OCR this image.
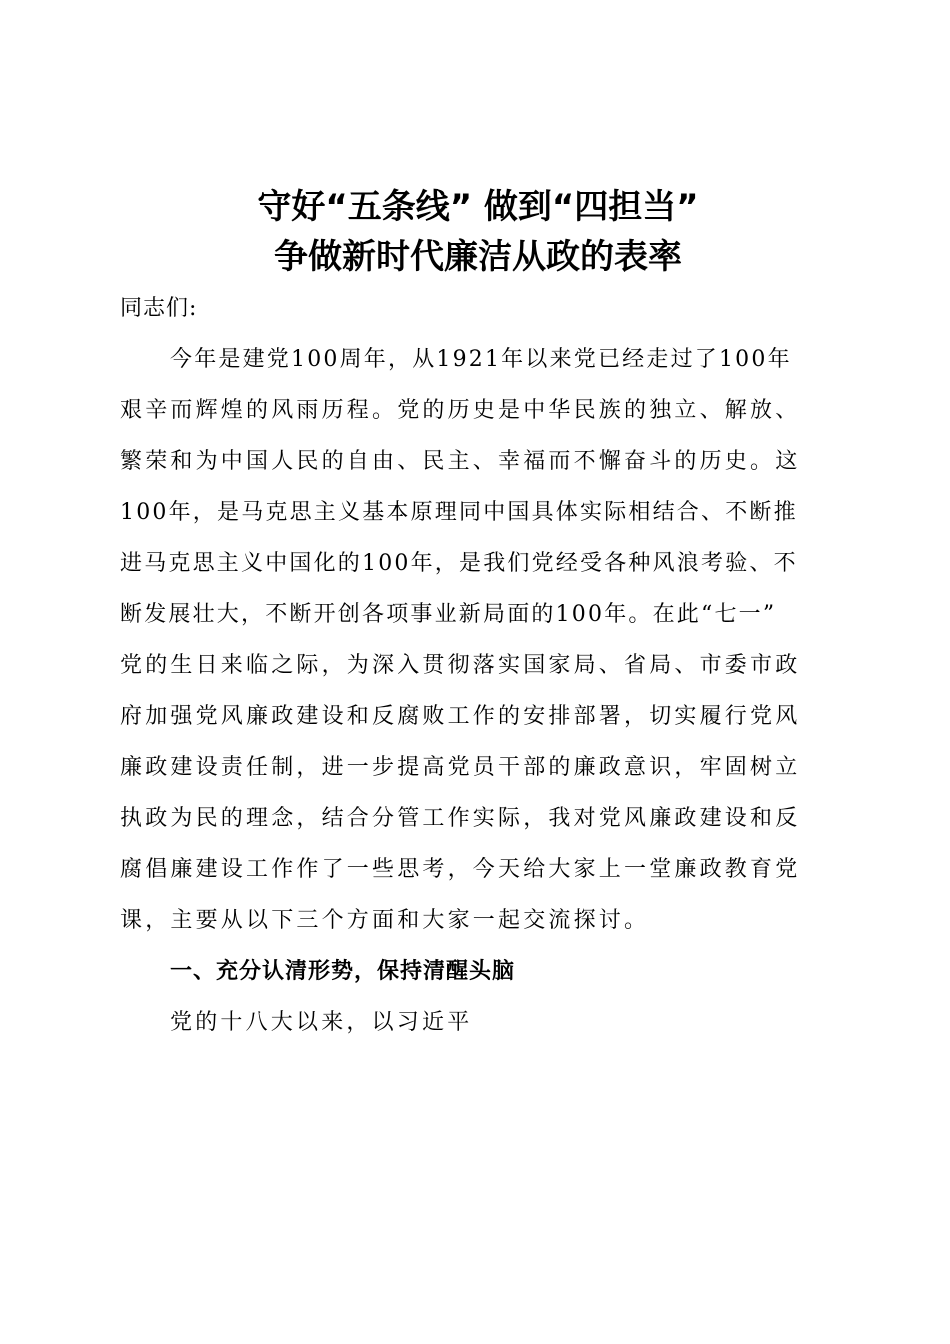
守好“五条线” 做到“四担当”
争做新时代廉洁从政的表率
同志们:
今年是建党100周年，从1921年以来党已经走过了100年
艰辛而辉煌的风雨历程。党的历史是中华民族的独立、解放、
繁荣和为中国人民的自由、民主、幸福而不懈奋斗的历史。这
100年，是马克思主义基本原理同中国具体实际相结合、不断推
进马克思主义中国化的100年，是我们党经受各种风浪考验、不
断发展壮大，不断开创各项事业新局面的100年。在此“七一”
党的生日来临之际，为深入贯彻落实国家局、省局、市委市政
府加强党风廉政建设和反腐败工作的安排部署，切实履行党风
廉政建设责任制，进一步提高党员干部的廉政意识，牢固树立
执政为民的理念，结合分管工作实际，我对党风廉政建设和反
腐倡廉建设工作作了一些思考，今天给大家上一堂廉政教育党
课，主要从以下三个方面和大家一起交流探讨。
一、充分认清形势，保持清醒头脑
党的十八大以来，以习近平
